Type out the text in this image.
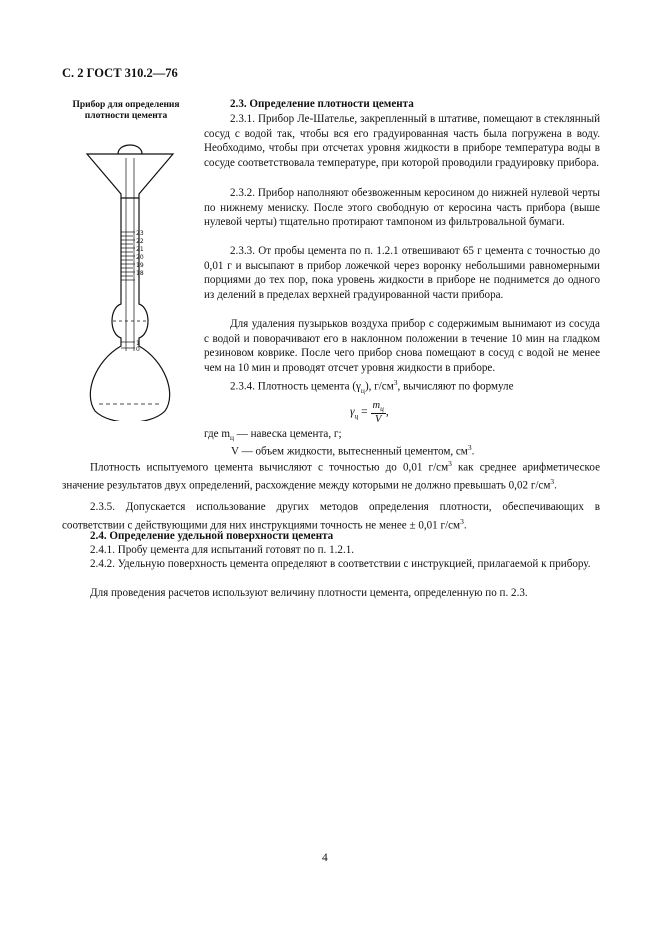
С. 2 ГОСТ 310.2—76
Прибор для определения плотности цемента
23
22
21
20
19
18
1
0
2.3. Определение плотности цемента
2.3.1. Прибор Ле-Шателье, закрепленный в штативе, помещают в стеклянный сосуд с водой так, чтобы вся его градуированная часть была погружена в воду. Необходимо, чтобы при отсчетах уровня жидкости в приборе температура воды в сосуде соответствовала температуре, при которой проводили градуировку прибора.
2.3.2. Прибор наполняют обезвоженным керосином до нижней нулевой черты по нижнему мениску. После этого свободную от керосина часть прибора (выше нулевой черты) тщательно протирают тампоном из фильтровальной бумаги.
2.3.3. От пробы цемента по п. 1.2.1 отвешивают 65 г цемента с точностью до 0,01 г и высыпают в прибор ложечкой через воронку небольшими равномерными порциями до тех пор, пока уровень жидкости в приборе не поднимется до одного из делений в пределах верхней градуированной части прибора.
Для удаления пузырьков воздуха прибор с содержимым вынимают из сосуда с водой и поворачивают его в наклонном положении в течение 10 мин на гладком резиновом коврике. После чего прибор снова помещают в сосуд с водой не менее чем на 10 мин и проводят отсчет уровня жидкости в приборе.
2.3.4. Плотность цемента $(\gamma_ц)$, $г/см^3$, вычисляют по формуле
$\gamma_ц = \frac{m_ц}{V}$ ,
где $m_ц$ — навеска цемента, г;
V — объем жидкости, вытесненный цементом, $см^3$.
Плотность испытуемого цемента вычисляют с точностью до 0,01 $г/см^3$ как среднее арифметическое значение результатов двух определений, расхождение между которыми не должно превышать 0,02 $г/см^3$.
2.3.5. Допускается использование других методов определения плотности, обеспечивающих в соответствии с действующими для них инструкциями точность не менее ± 0,01 $г/см^3$.
2.4. Определение удельной поверхности цемента
2.4.1. Пробу цемента для испытаний готовят по п. 1.2.1.
2.4.2. Удельную поверхность цемента определяют в соответствии с инструкцией, прилагаемой к прибору.
Для проведения расчетов используют величину плотности цемента, определенную по п. 2.3.
4
